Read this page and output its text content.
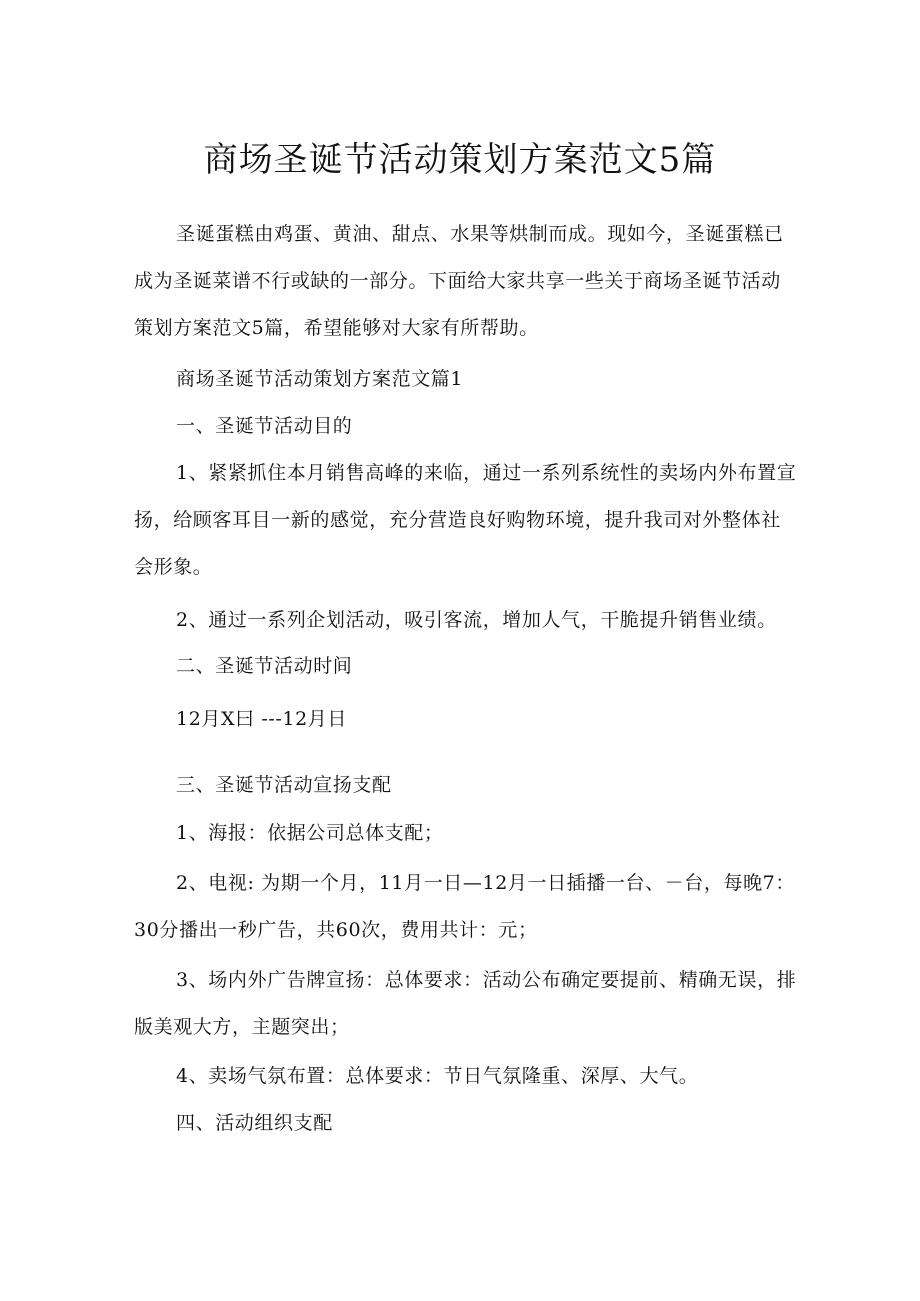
商场圣诞节活动策划方案范文5篇

圣诞蛋糕由鸡蛋、黄油、甜点、水果等烘制而成。现如今，圣诞蛋糕已成为圣诞菜谱不行或缺的一部分。下面给大家共享一些关于商场圣诞节活动策划方案范文5篇，希望能够对大家有所帮助。

商场圣诞节活动策划方案范文篇1

一、圣诞节活动目的

1、紧紧抓住本月销售高峰的来临，通过一系列系统性的卖场内外布置宣扬，给顾客耳目一新的感觉，充分营造良好购物环境，提升我司对外整体社会形象。

2、通过一系列企划活动，吸引客流，增加人气，干脆提升销售业绩。

二、圣诞节活动时间

12月X曰 ---12月日

三、圣诞节活动宣扬支配

1、海报：依据公司总体支配；

2、电视: 为期一个月，11月一日—12月一日插播一台、－台，每晚7：30分播出一秒广告，共60次，费用共计：元；

3、场内外广告牌宣扬：总体要求：活动公布确定要提前、精确无误，排版美观大方，主题突出；

4、卖场气氛布置：总体要求：节日气氛隆重、深厚、大气。

四、活动组织支配
